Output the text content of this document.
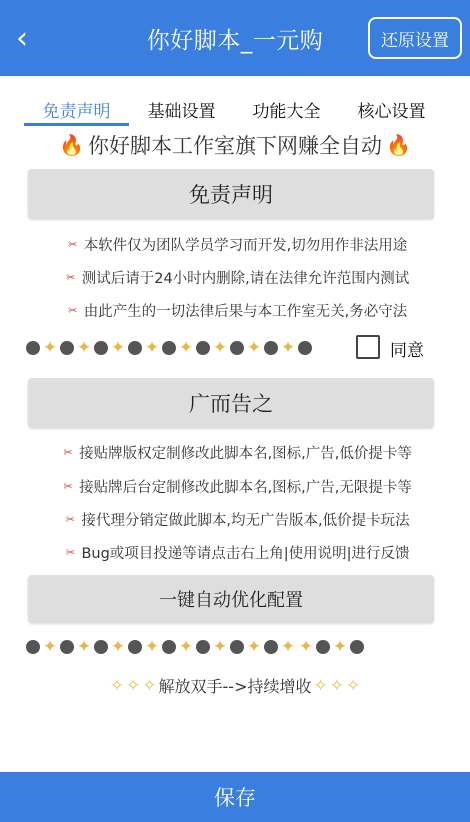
‹	你好脚本_一元购	还原设置
免责声明	基础设置	功能大全	核心设置
🔥 你好脚本工作室旗下网赚全自动 🔥
免责声明
✂ 本软件仅为团队学员学习而开发,切勿用作非法用途
✂ 测试后请于24小时内删除,请在法律允许范围内测试
✂ 由此产生的一切法律后果与本工作室无关,务必守法
✦ ✦ ✦ ✦ ✦ ✦ ✦ ✦	同意
广而告之
✂ 接贴牌版权定制修改此脚本名,图标,广告,低价提卡等
✂ 接贴牌后台定制修改此脚本名,图标,广告,无限提卡等
✂ 接代理分销定做此脚本,均无广告版本,低价提卡玩法
✂ Bug或项目投递等请点击右上角|使用说明|进行反馈
一键自动优化配置
✦ ✦ ✦ ✦ ✦ ✦ ✦ ✦ ✦ ✦
✧ ✧ ✧ 解放双手-->持续增收 ✧ ✧ ✧
保存
